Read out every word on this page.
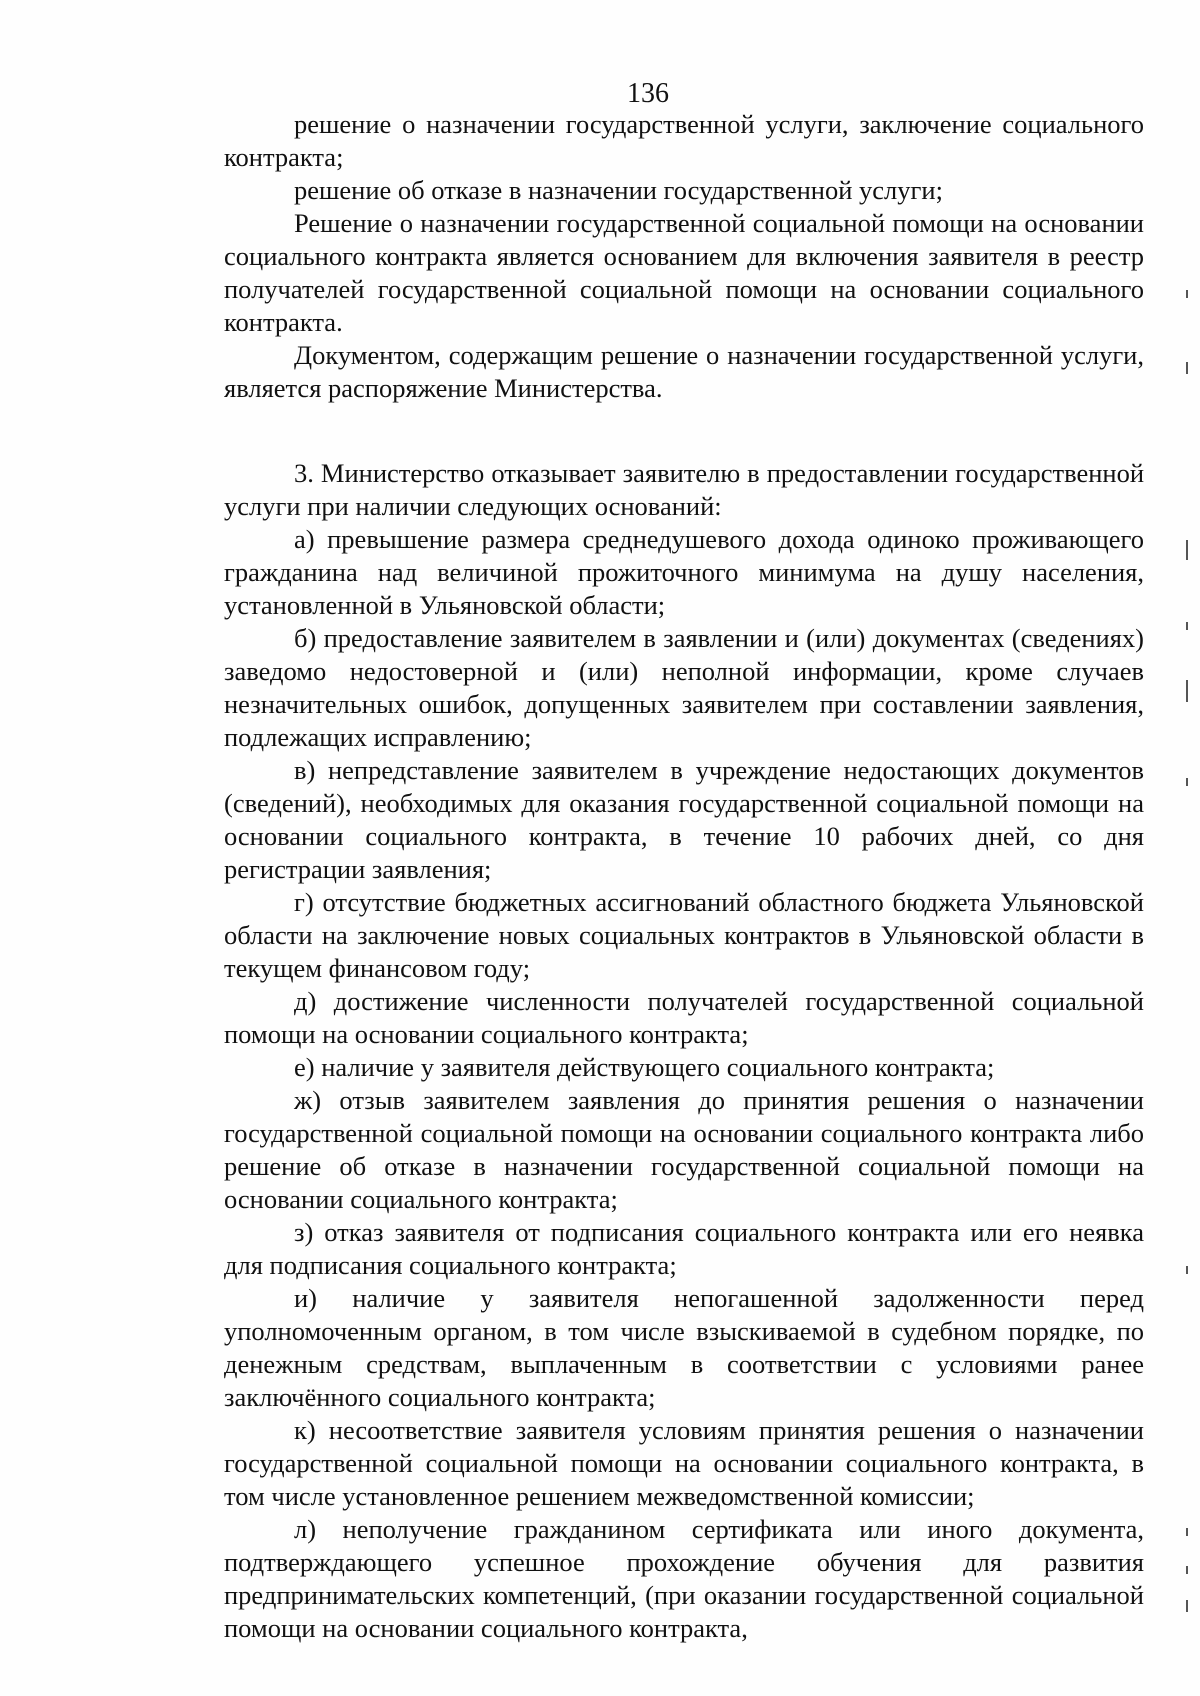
136

решение о назначении государственной услуги, заключение социального контракта;

решение об отказе в назначении государственной услуги;

Решение о назначении государственной социальной помощи на основании социального контракта является основанием для включения заявителя в реестр получателей государственной социальной помощи на основании социального контракта.

Документом, содержащим решение о назначении государственной услуги, является распоряжение Министерства.

3. Министерство отказывает заявителю в предоставлении государственной услуги при наличии следующих оснований:

а) превышение размера среднедушевого дохода одиноко проживающего гражданина над величиной прожиточного минимума на душу населения, установленной в Ульяновской области;

б) предоставление заявителем в заявлении и (или) документах (сведениях) заведомо недостоверной и (или) неполной информации, кроме случаев незначительных ошибок, допущенных заявителем при составлении заявления, подлежащих исправлению;

в) непредставление заявителем в учреждение недостающих документов (сведений), необходимых для оказания государственной социальной помощи на основании социального контракта, в течение 10 рабочих дней, со дня регистрации заявления;

г) отсутствие бюджетных ассигнований областного бюджета Ульяновской области на заключение новых социальных контрактов в Ульяновской области в текущем финансовом году;

д) достижение численности получателей государственной социальной помощи на основании социального контракта;

е) наличие у заявителя действующего социального контракта;

ж) отзыв заявителем заявления до принятия решения о назначении государственной социальной помощи на основании социального контракта либо решение об отказе в назначении государственной социальной помощи на основании социального контракта;

з) отказ заявителя от подписания социального контракта или его неявка для подписания социального контракта;

и) наличие у заявителя непогашенной задолженности перед уполномоченным органом, в том числе взыскиваемой в судебном порядке, по денежным средствам, выплаченным в соответствии с условиями ранее заключённого социального контракта;

к) несоответствие заявителя условиям принятия решения о назначении государственной социальной помощи на основании социального контракта, в том числе установленное решением межведомственной комиссии;

л) неполучение гражданином сертификата или иного документа, подтверждающего успешное прохождение обучения для развития предпринимательских компетенций, (при оказании государственной социальной помощи на основании социального контракта,
